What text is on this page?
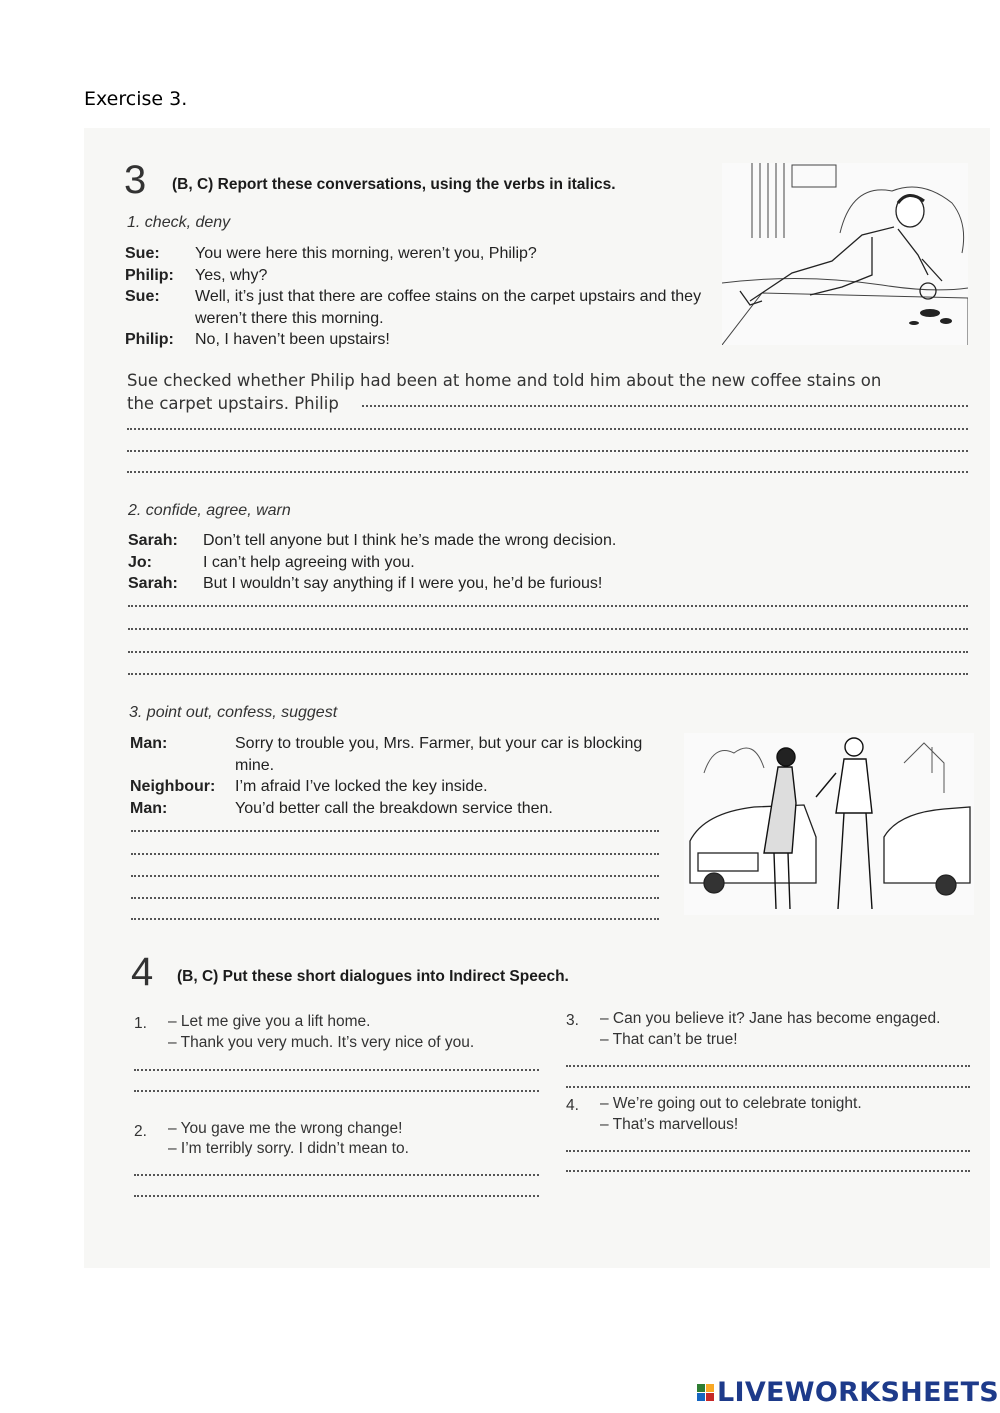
Exercise 3.
3 (B, C) Report these conversations, using the verbs in italics.
1. check, deny
Sue:	You were here this morning, weren’t you, Philip?
Philip:	Yes, why?
Sue:	Well, it’s just that there are coffee stains on the carpet upstairs and they weren’t there this morning.
Philip:	No, I haven’t been upstairs!
Sue checked whether Philip had been at home and told him about the new coffee stains on
the carpet upstairs. Philip
2. confide, agree, warn
Sarah:	Don’t tell anyone but I think he’s made the wrong decision.
Jo:	I can’t help agreeing with you.
Sarah:	But I wouldn’t say anything if I were you, he’d be furious!
3. point out, confess, suggest
Man:	Sorry to trouble you, Mrs. Farmer, but your car is blocking mine.
Neighbour:	I’m afraid I’ve locked the key inside.
Man:	You’d better call the breakdown service then.
4 (B, C) Put these short dialogues into Indirect Speech.
1. – Let me give you a lift home.
– Thank you very much. It’s very nice of you.
2. – You gave me the wrong change!
– I’m terribly sorry. I didn’t mean to.
3. – Can you believe it? Jane has become engaged.
– That can’t be true!
4. – We’re going out to celebrate tonight.
– That’s marvellous!
LIVEWORKSHEETS
